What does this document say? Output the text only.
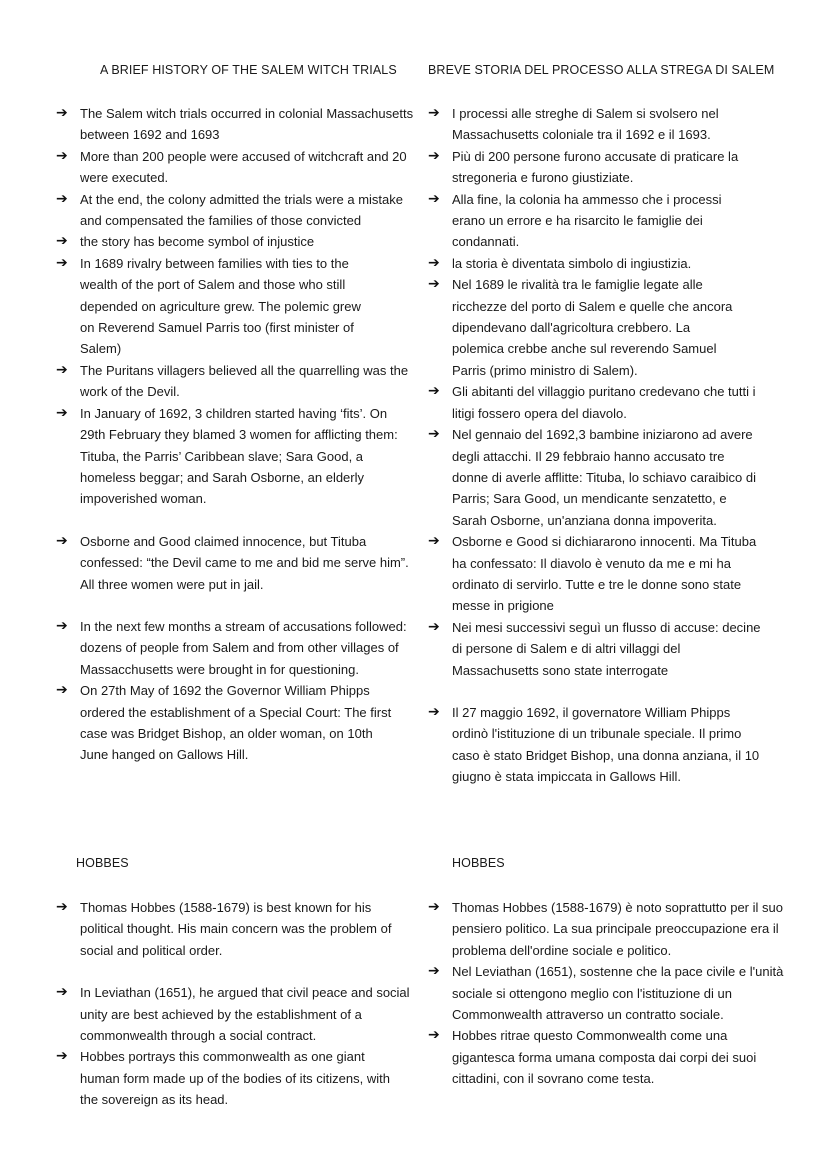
A BRIEF HISTORY OF THE SALEM WITCH TRIALS
➔ The Salem witch trials occurred in colonial Massachusetts between 1692 and 1693
➔ More than 200 people were accused of witchcraft and 20 were executed.
➔ At the end, the colony admitted the trials were a mistake and compensated the families of those convicted
➔ the story has become symbol of injustice
➔ In 1689 rivalry between families with ties to the wealth of the port of Salem and those who still depended on agriculture grew. The polemic grew on Reverend Samuel Parris too (first minister of Salem)
➔ The Puritans villagers believed all the quarrelling was the work of the Devil.
➔ In January of 1692, 3 children started having ‘fits’. On 29th February they blamed 3 women for afflicting them: Tituba, the Parris’ Caribbean slave; Sara Good, a homeless beggar; and Sarah Osborne, an elderly impoverished woman.
➔ Osborne and Good claimed innocence, but Tituba confessed: “the Devil came to me and bid me serve him”. All three women were put in jail.
➔ In the next few months a stream of accusations followed: dozens of people from Salem and from other villages of Massacchusetts were brought in for questioning.
➔ On 27th May of 1692 the Governor William Phipps ordered the establishment of a Special Court: The first case was Bridget Bishop, an older woman, on 10th June hanged on Gallows Hill.
BREVE STORIA DEL PROCESSO ALLA STREGA DI SALEM
➔ I processi alle streghe di Salem si svolsero nel Massachusetts coloniale tra il 1692 e il 1693.
➔ Più di 200 persone furono accusate di praticare la stregoneria e furono giustiziate.
➔ Alla fine, la colonia ha ammesso che i processi erano un errore e ha risarcito le famiglie dei condannati.
➔ la storia è diventata simbolo di ingiustizia.
➔ Nel 1689 le rivalità tra le famiglie legate alle ricchezze del porto di Salem e quelle che ancora dipendevano dall'agricoltura crebbero. La polemica crebbe anche sul reverendo Samuel Parris (primo ministro di Salem).
➔ Gli abitanti del villaggio puritano credevano che tutti i litigi fossero opera del diavolo.
➔ Nel gennaio del 1692,3 bambine iniziarono ad avere degli attacchi. Il 29 febbraio hanno accusato tre donne di averle afflitte: Tituba, lo schiavo caraibico di Parris; Sara Good, un mendicante senzatetto, e Sarah Osborne, un'anziana donna impoverita.
➔ Osborne e Good si dichiararono innocenti. Ma Tituba ha confessato: Il diavolo è venuto da me e mi ha ordinato di servirlo. Tutte e tre le donne sono state messe in prigione
➔ Nei mesi successivi seguì un flusso di accuse: decine di persone di Salem e di altri villaggi del Massachusetts sono state interrogate
➔ Il 27 maggio 1692, il governatore William Phipps ordinò l'istituzione di un tribunale speciale. Il primo caso è stato Bridget Bishop, una donna anziana, il 10 giugno è stata impiccata in Gallows Hill.
HOBBES
➔ Thomas Hobbes (1588-1679) is best known for his political thought. His main concern was the problem of social and political order.
➔ In Leviathan (1651), he argued that civil peace and social unity are best achieved by the establishment of a commonwealth through a social contract.
➔ Hobbes portrays this commonwealth as one giant human form made up of the bodies of its citizens, with the sovereign as its head.
HOBBES
➔ Thomas Hobbes (1588-1679) è noto soprattutto per il suo pensiero politico. La sua principale preoccupazione era il problema dell'ordine sociale e politico.
➔ Nel Leviathan (1651), sostenne che la pace civile e l'unità sociale si ottengono meglio con l'istituzione di un Commonwealth attraverso un contratto sociale.
➔ Hobbes ritrae questo Commonwealth come una gigantesca forma umana composta dai corpi dei suoi cittadini, con il sovrano come testa.
